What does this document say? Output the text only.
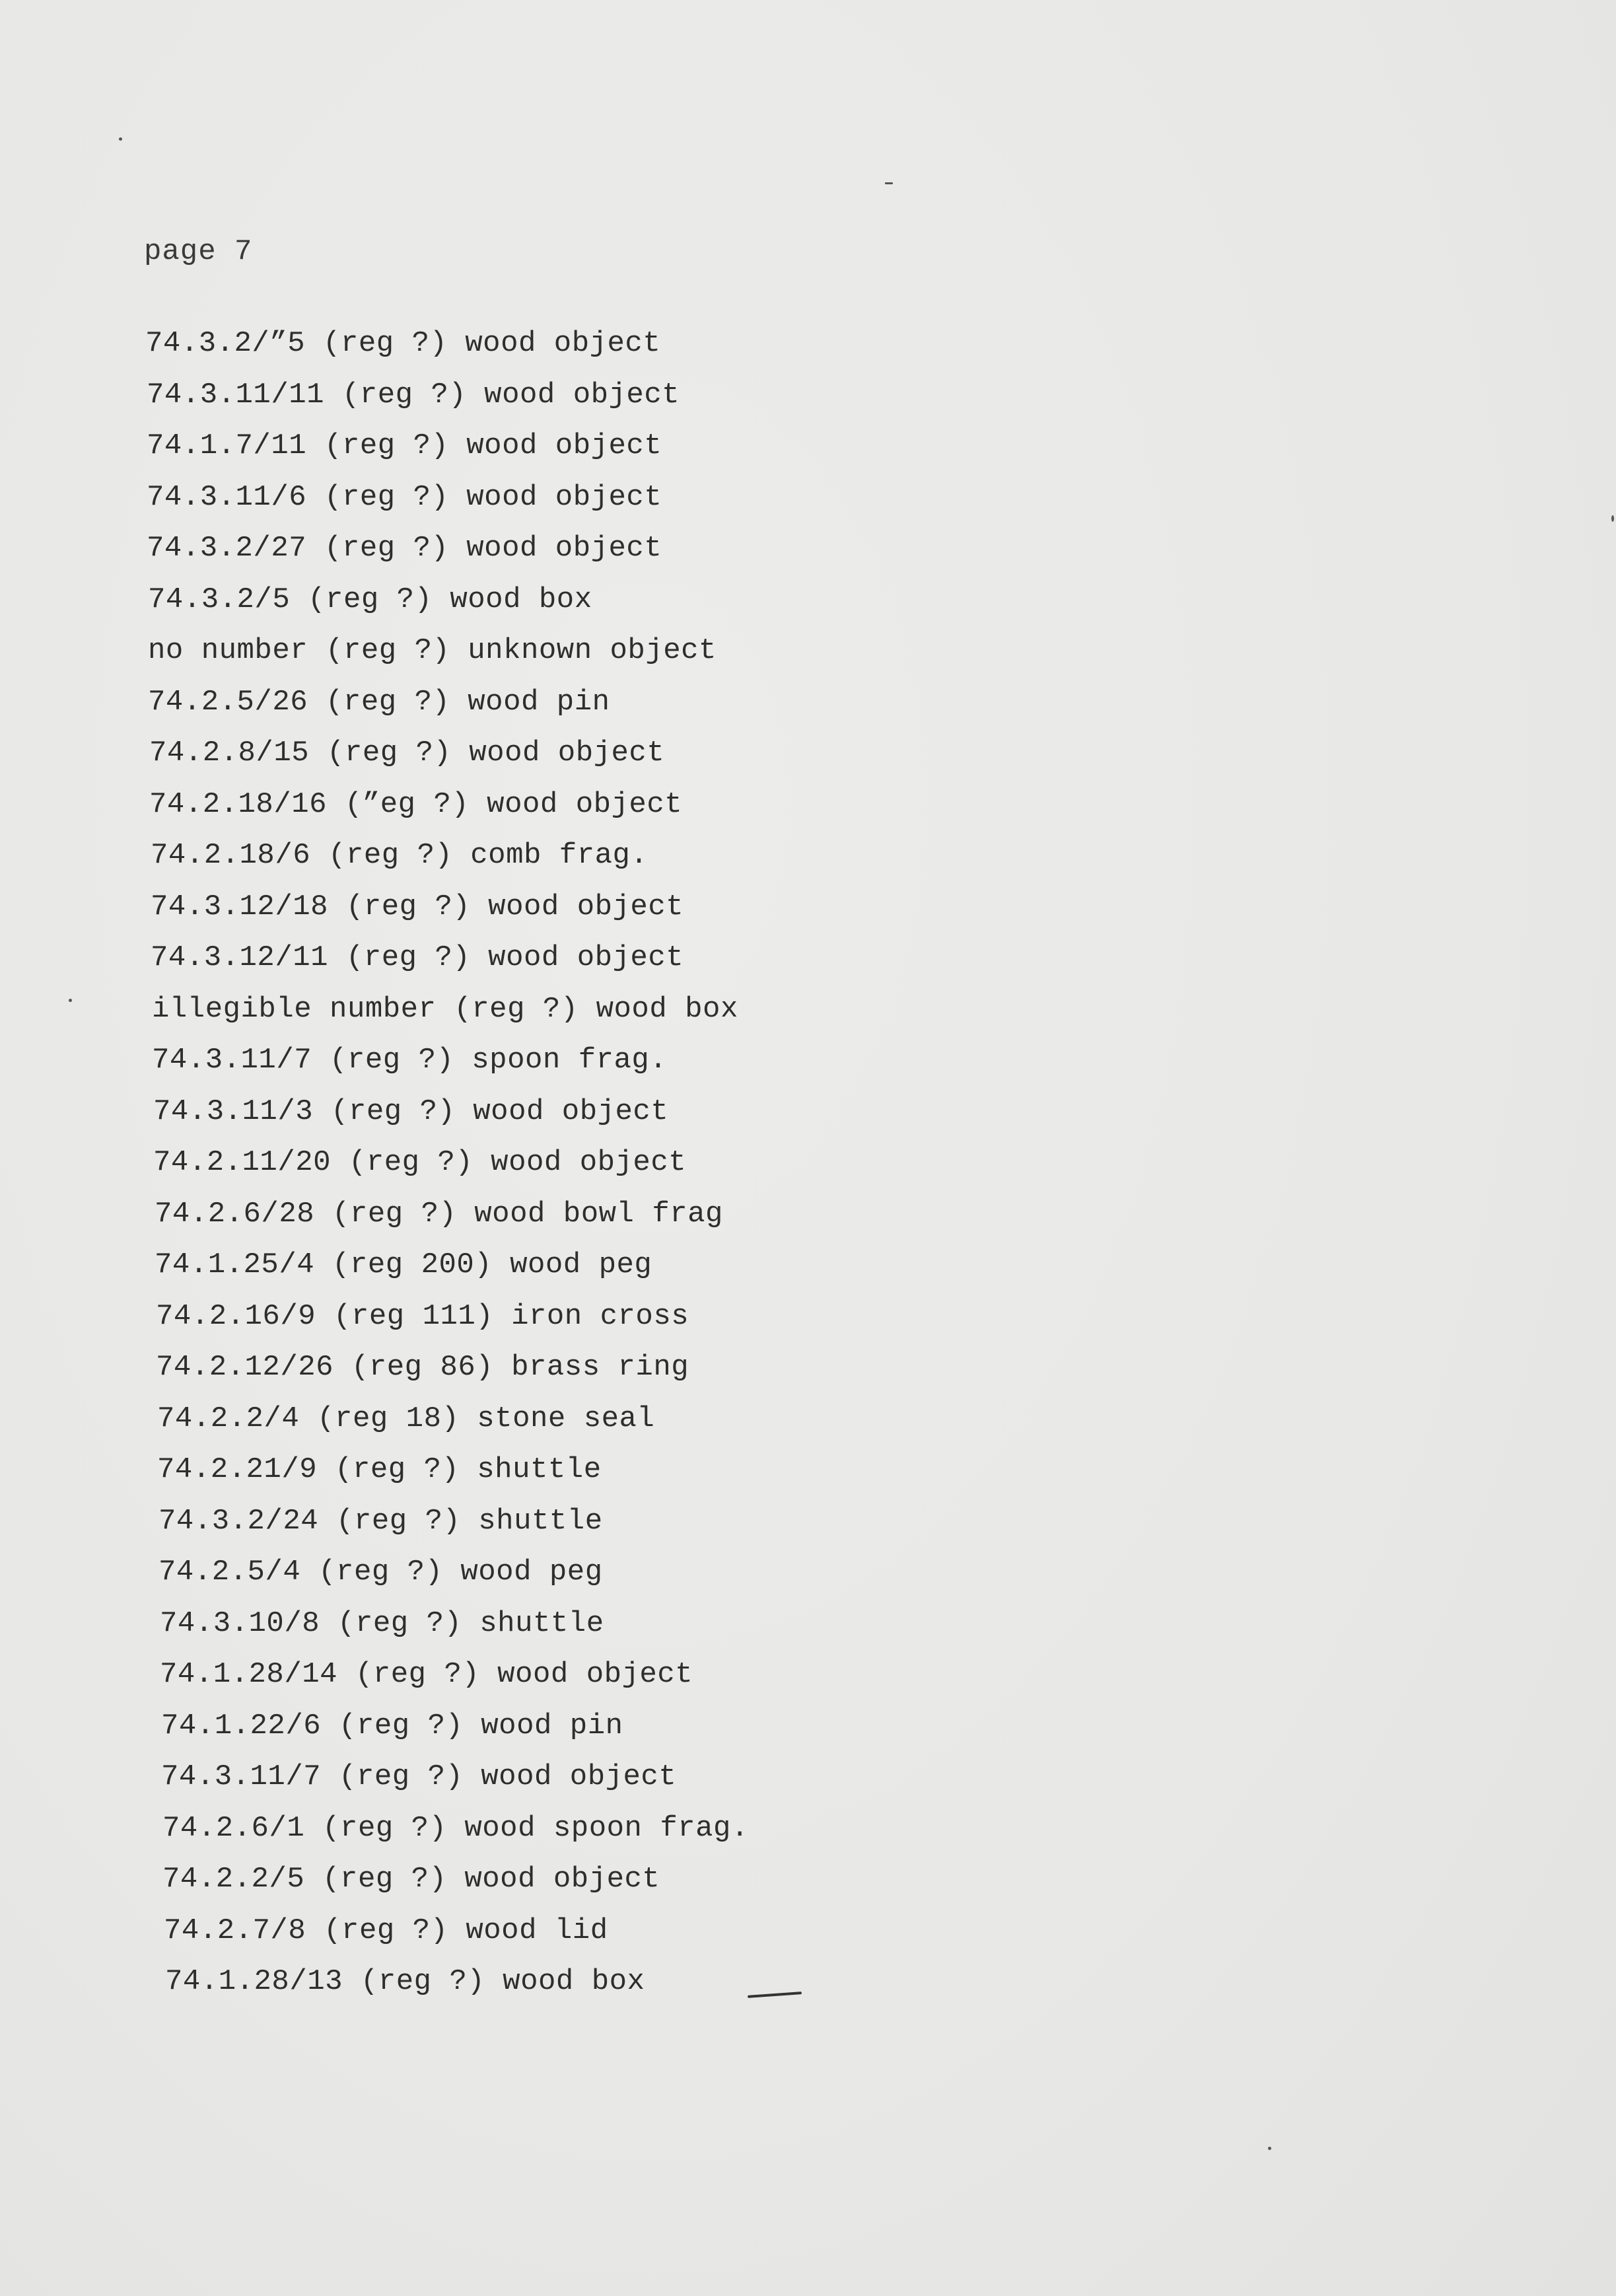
page 7
74.3.2/”5 (reg ?) wood object
74.3.11/11 (reg ?) wood object
74.1.7/11 (reg ?) wood object
74.3.11/6 (reg ?) wood object
74.3.2/27 (reg ?) wood object
74.3.2/5 (reg ?) wood box
no number (reg ?) unknown object
74.2.5/26 (reg ?) wood pin
74.2.8/15 (reg ?) wood object
74.2.18/16 (”eg ?) wood object
74.2.18/6 (reg ?) comb frag.
74.3.12/18 (reg ?) wood object
74.3.12/11 (reg ?) wood object
illegible number (reg ?) wood box
74.3.11/7 (reg ?) spoon frag.
74.3.11/3 (reg ?) wood object
74.2.11/20 (reg ?) wood object
74.2.6/28 (reg ?) wood bowl frag
74.1.25/4 (reg 200) wood peg
74.2.16/9 (reg 111) iron cross
74.2.12/26 (reg 86) brass ring
74.2.2/4 (reg 18) stone seal
74.2.21/9 (reg ?) shuttle
74.3.2/24 (reg ?) shuttle
74.2.5/4 (reg ?) wood peg
74.3.10/8 (reg ?) shuttle
74.1.28/14 (reg ?) wood object
74.1.22/6 (reg ?) wood pin
74.3.11/7 (reg ?) wood object
74.2.6/1 (reg ?) wood spoon frag.
74.2.2/5 (reg ?) wood object
74.2.7/8 (reg ?) wood lid
74.1.28/13 (reg ?) wood box
